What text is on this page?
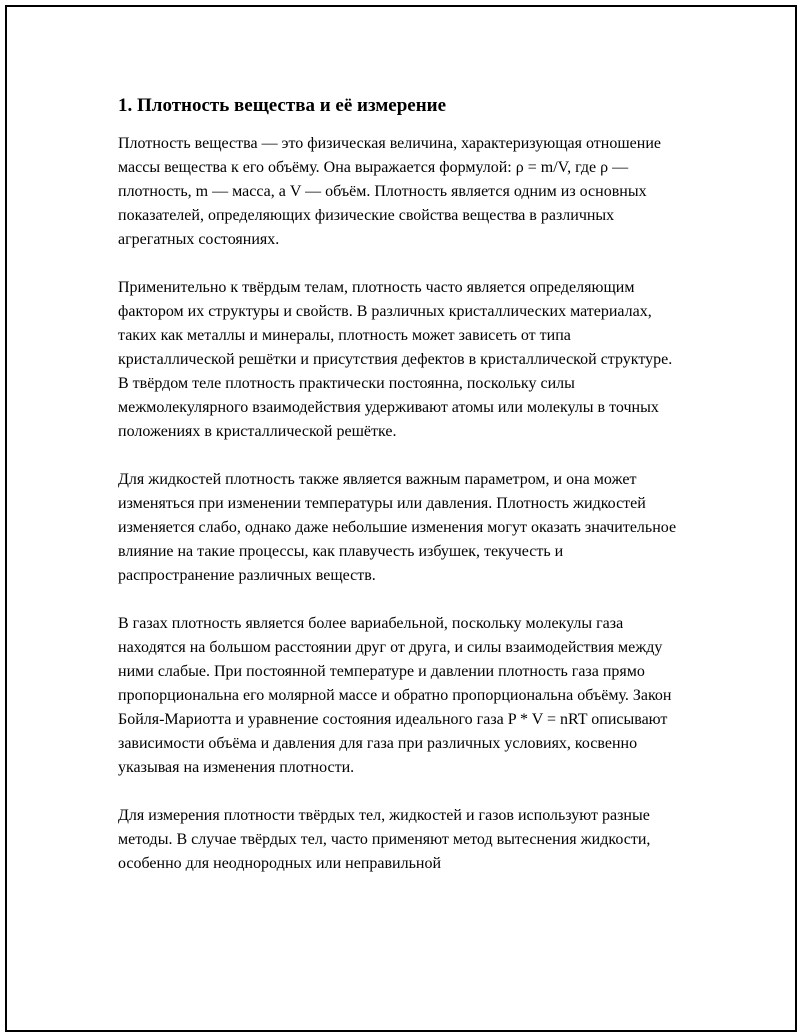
1. Плотность вещества и её измерение

Плотность вещества — это физическая величина, характеризующая отношение массы вещества к его объёму. Она выражается формулой: ρ = m/V, где ρ — плотность, m — масса, а V — объём. Плотность является одним из основных показателей, определяющих физические свойства вещества в различных агрегатных состояниях.

Применительно к твёрдым телам, плотность часто является определяющим фактором их структуры и свойств. В различных кристаллических материалах, таких как металлы и минералы, плотность может зависеть от типа кристаллической решётки и присутствия дефектов в кристаллической структуре. В твёрдом теле плотность практически постоянна, поскольку силы межмолекулярного взаимодействия удерживают атомы или молекулы в точных положениях в кристаллической решётке.

Для жидкостей плотность также является важным параметром, и она может изменяться при изменении температуры или давления. Плотность жидкостей изменяется слабо, однако даже небольшие изменения могут оказать значительное влияние на такие процессы, как плавучесть избушек, текучесть и распространение различных веществ.

В газах плотность является более вариабельной, поскольку молекулы газа находятся на большом расстоянии друг от друга, и силы взаимодействия между ними слабые. При постоянной температуре и давлении плотность газа прямо пропорциональна его молярной массе и обратно пропорциональна объёму. Закон Бойля-Мариотта и уравнение состояния идеального газа P * V = nRT описывают зависимости объёма и давления для газа при различных условиях, косвенно указывая на изменения плотности.

Для измерения плотности твёрдых тел, жидкостей и газов используют разные методы. В случае твёрдых тел, часто применяют метод вытеснения жидкости, особенно для неоднородных или неправильной
